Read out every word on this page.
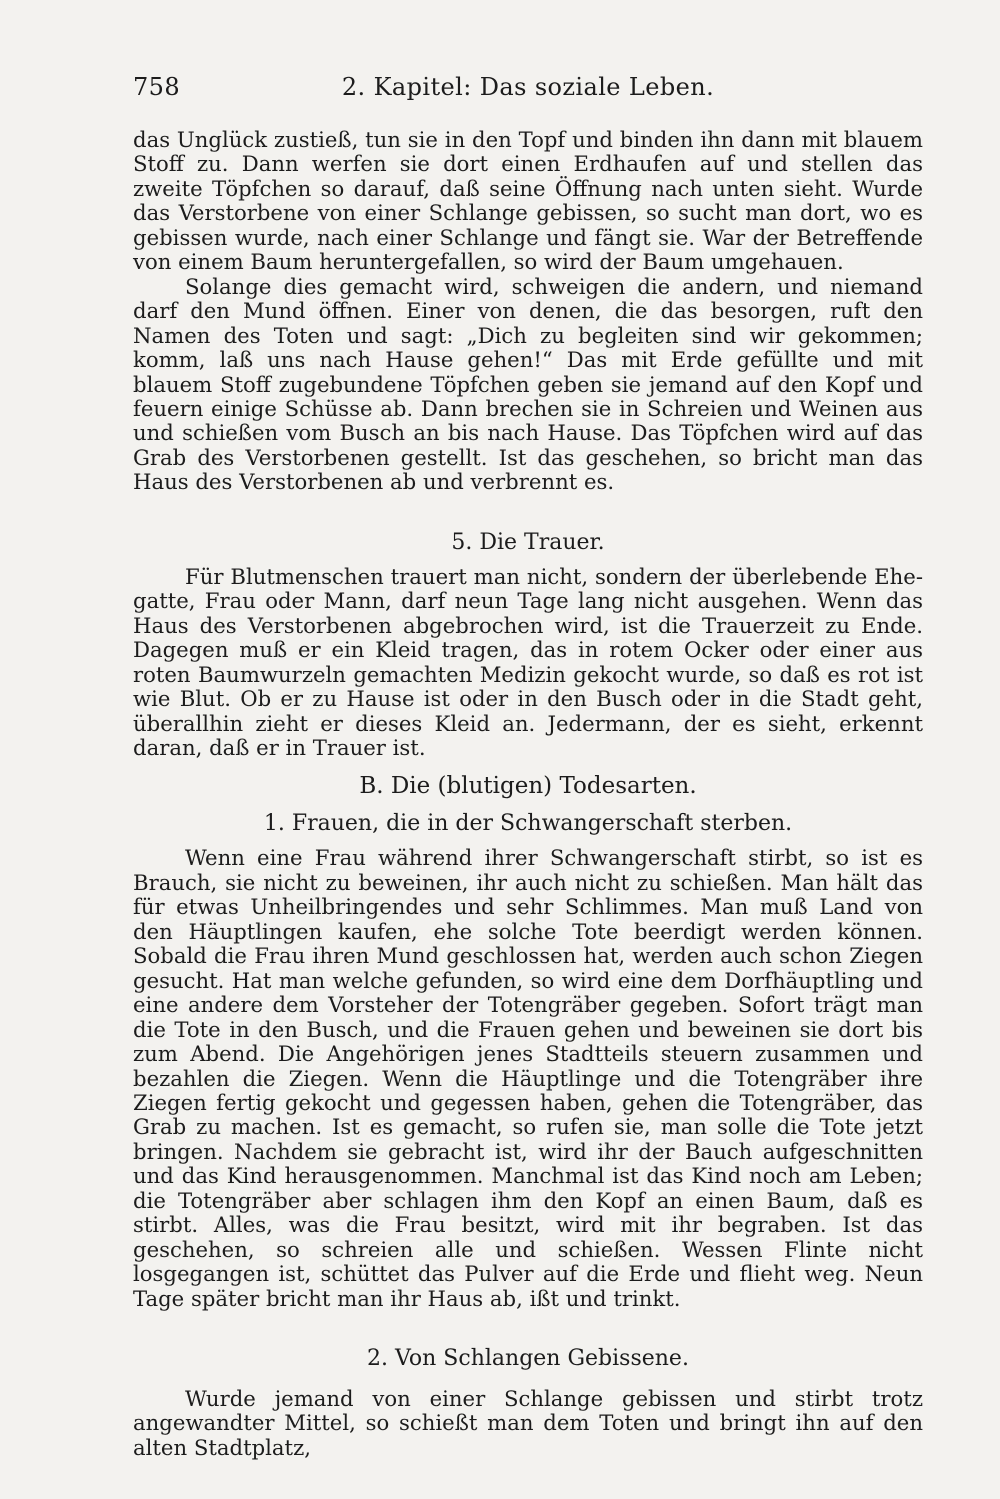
758	2. Kapitel: Das soziale Leben.

das Unglück zustieß, tun sie in den Topf und binden ihn dann mit blauem Stoff zu. Dann werfen sie dort einen Erdhaufen auf und stellen das zweite Töpfchen so darauf, daß seine Öffnung nach unten sieht. Wurde das Verstorbene von einer Schlange gebissen, so sucht man dort, wo es gebissen wurde, nach einer Schlange und fängt sie. War der Betreffende von einem Baum heruntergefallen, so wird der Baum umgehauen.

Solange dies gemacht wird, schweigen die andern, und niemand darf den Mund öffnen. Einer von denen, die das besorgen, ruft den Namen des Toten und sagt: „Dich zu begleiten sind wir gekommen; komm, laß uns nach Hause gehen!“ Das mit Erde gefüllte und mit blauem Stoff zugebundene Töpfchen geben sie jemand auf den Kopf und feuern einige Schüsse ab. Dann brechen sie in Schreien und Weinen aus und schießen vom Busch an bis nach Hause. Das Töpfchen wird auf das Grab des Verstorbenen gestellt. Ist das geschehen, so bricht man das Haus des Verstorbenen ab und verbrennt es.

5. Die Trauer.

Für Blutmenschen trauert man nicht, sondern der überlebende Ehegatte, Frau oder Mann, darf neun Tage lang nicht ausgehen. Wenn das Haus des Verstorbenen abgebrochen wird, ist die Trauerzeit zu Ende. Dagegen muß er ein Kleid tragen, das in rotem Ocker oder einer aus roten Baumwurzeln gemachten Medizin gekocht wurde, so daß es rot ist wie Blut. Ob er zu Hause ist oder in den Busch oder in die Stadt geht, überallhin zieht er dieses Kleid an. Jedermann, der es sieht, erkennt daran, daß er in Trauer ist.

B. Die (blutigen) Todesarten.
1. Frauen, die in der Schwangerschaft sterben.

Wenn eine Frau während ihrer Schwangerschaft stirbt, so ist es Brauch, sie nicht zu beweinen, ihr auch nicht zu schießen. Man hält das für etwas Unheilbringendes und sehr Schlimmes. Man muß Land von den Häuptlingen kaufen, ehe solche Tote beerdigt werden können. Sobald die Frau ihren Mund geschlossen hat, werden auch schon Ziegen gesucht. Hat man welche gefunden, so wird eine dem Dorfhäuptling und eine andere dem Vorsteher der Totengräber gegeben. Sofort trägt man die Tote in den Busch, und die Frauen gehen und beweinen sie dort bis zum Abend. Die Angehörigen jenes Stadtteils steuern zusammen und bezahlen die Ziegen. Wenn die Häuptlinge und die Totengräber ihre Ziegen fertig gekocht und gegessen haben, gehen die Totengräber, das Grab zu machen. Ist es gemacht, so rufen sie, man solle die Tote jetzt bringen. Nachdem sie gebracht ist, wird ihr der Bauch aufgeschnitten und das Kind herausgenommen. Manchmal ist das Kind noch am Leben; die Totengräber aber schlagen ihm den Kopf an einen Baum, daß es stirbt. Alles, was die Frau besitzt, wird mit ihr begraben. Ist das geschehen, so schreien alle und schießen. Wessen Flinte nicht losgegangen ist, schüttet das Pulver auf die Erde und flieht weg. Neun Tage später bricht man ihr Haus ab, ißt und trinkt.

2. Von Schlangen Gebissene.

Wurde jemand von einer Schlange gebissen und stirbt trotz angewandter Mittel, so schießt man dem Toten und bringt ihn auf den alten Stadtplatz,
